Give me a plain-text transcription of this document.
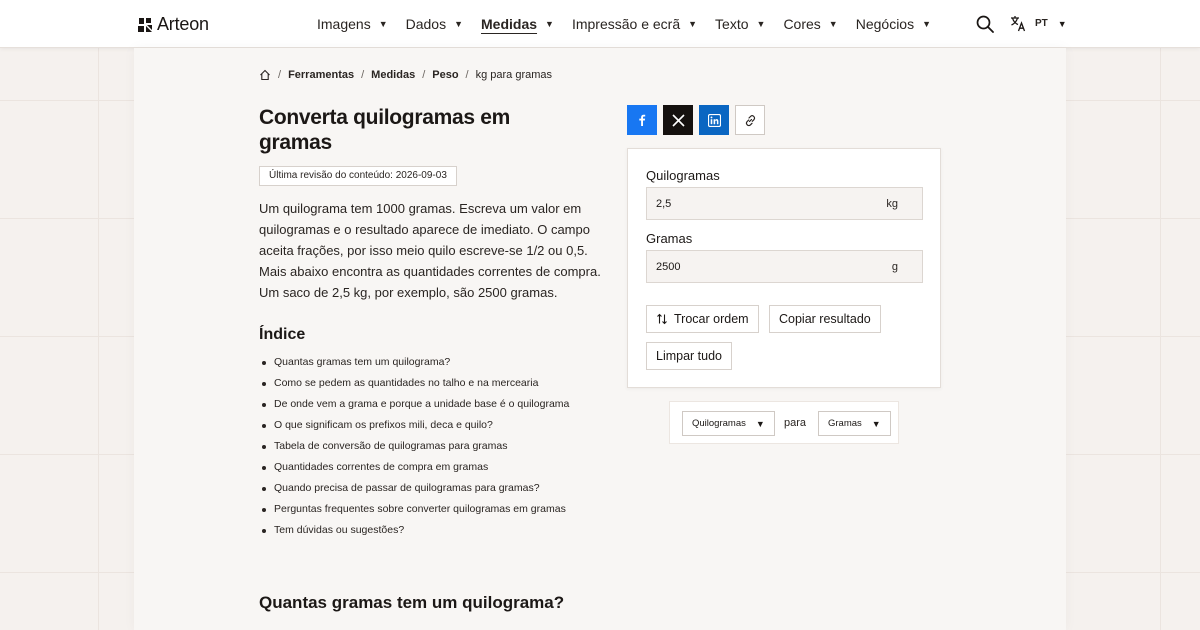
Arteon	Imagens ▼ Dados ▼ Medidas ▼ Impressão e ecrã ▼ Texto ▼ Cores ▼ Negócios ▼	PT ▼
/ Ferramentas / Medidas / Peso / kg para gramas
Converta quilogramas em gramas
Última revisão do conteúdo: 2026-09-03

Um quilograma tem 1000 gramas. Escreva um valor em quilogramas e o resultado aparece de imediato. O campo aceita frações, por isso meio quilo escreve-se 1/2 ou 0,5. Mais abaixo encontra as quantidades correntes de compra. Um saco de 2,5 kg, por exemplo, são 2500 gramas.

Índice
Quantas gramas tem um quilograma?
Como se pedem as quantidades no talho e na mercearia
De onde vem a grama e porque a unidade base é o quilograma
O que significam os prefixos mili, deca e quilo?
Tabela de conversão de quilogramas para gramas
Quantidades correntes de compra em gramas
Quando precisa de passar de quilogramas para gramas?
Perguntas frequentes sobre converter quilogramas em gramas
Tem dúvidas ou sugestões?
Quantas gramas tem um quilograma?
Quilogramas
2,5
kg
Gramas
2500
g
Trocar ordem Copiar resultado
Limpar tudo
Quilogramas ▼ para Gramas ▼
